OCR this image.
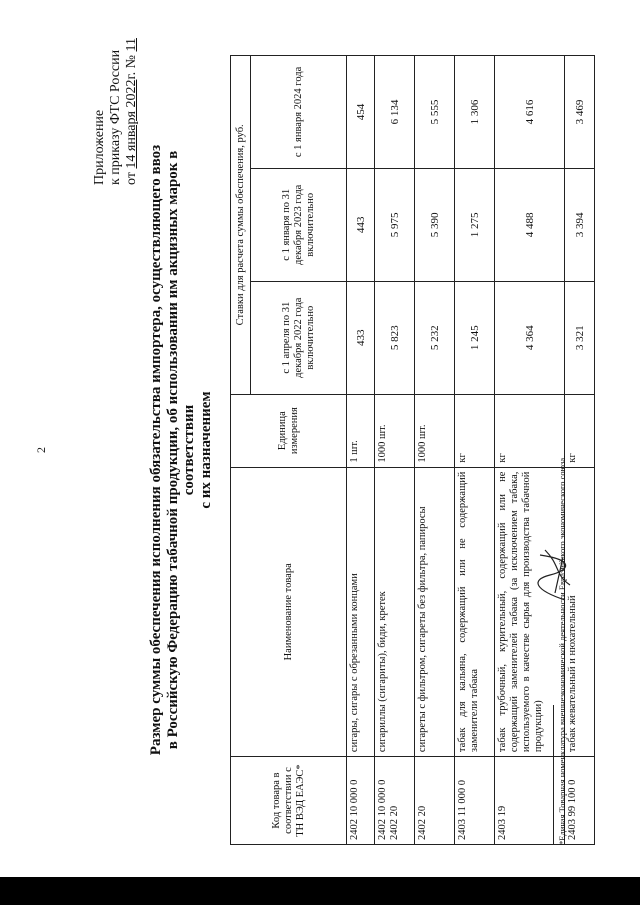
2
Приложение к приказу ФТС России от 14 января 2022г. № 11
Размер суммы обеспечения исполнения обязательства импортера, осуществляющего ввоз в Российскую Федерацию табачной продукции, об использовании им акцизных марок в соответствии с их назначением
Код товара в соответствии с ТН ВЭД ЕАЭС*	Наименование товара	Единица измерения	Ставки для расчета суммы обеспечения, руб.		
			с 1 апреля по 31 декабря 2022 года включительно	с 1 января по 31 декабря 2023 года включительно	с 1 января 2024 года
2402 10 000 0	сигары, сигары с обрезанными концами	1 шт.	433	443	454
2402 10 000 0 2402 20	сигариллы (сигариты), биди, кретек	1000 шт.	5 823	5 975	6 134
2402 20	сигареты с фильтром, сигареты без фильтра, папиросы	1000 шт.	5 232	5 390	5 555
2403 11 000 0	табак для кальяна, содержащий или не содержащий заменители табака	кг	1 245	1 275	1 306
2403 19	табак трубочный, курительный, содержащий или не содержащий заменителей табака (за исключением табака, используемого в качестве сырья для производства табачной продукции)	кг	4 364	4 488	4 616
2403 99 100 0	табак жевательный и нюхательный	кг	3 321	3 394	3 469
*Единая Товарная номенклатура внешнеэкономической деятельности Евразийского экономического союза.
